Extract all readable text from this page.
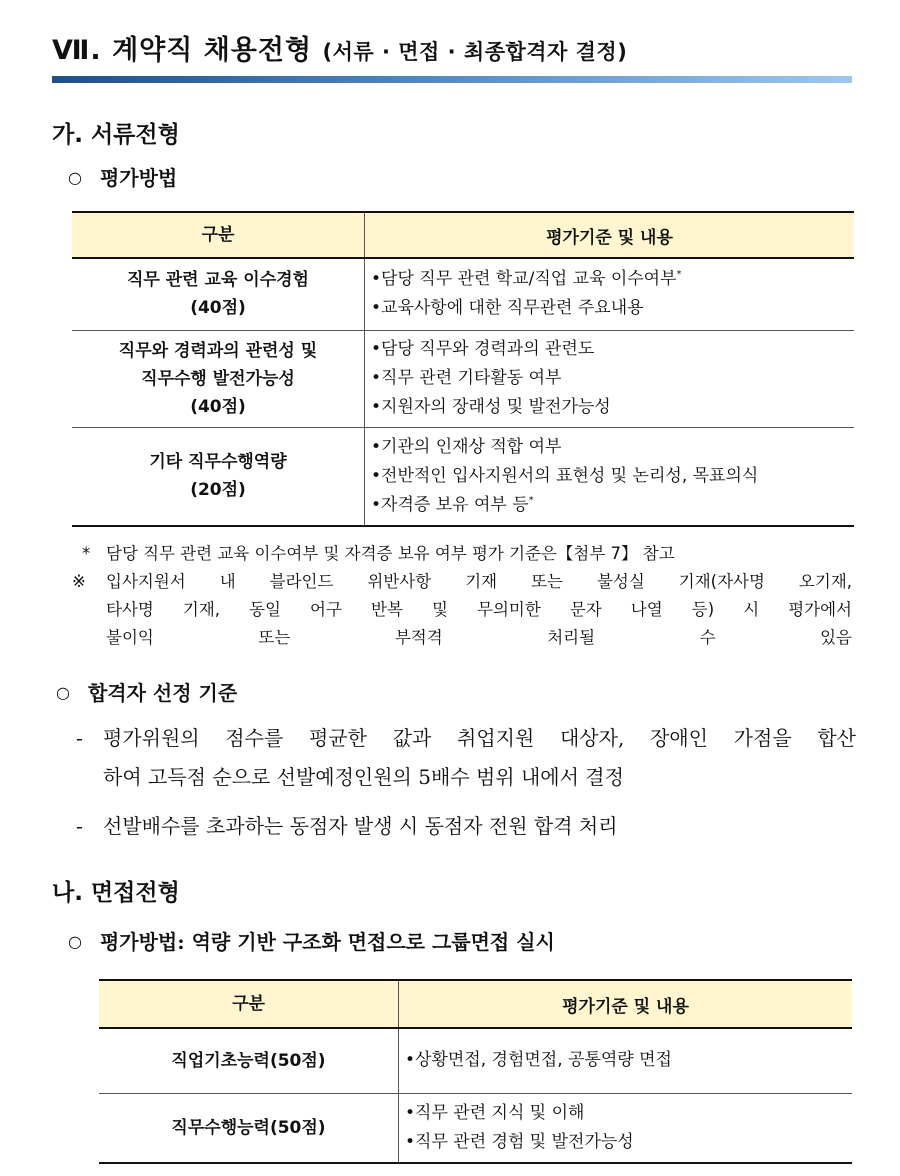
Ⅶ. 계약직 채용전형 (서류 · 면접 · 최종합격자 결정)
가. 서류전형
○ 평가방법
구분	평가기준 및 내용

직무 관련 교육 이수경험
(40점)	•담당 직무 관련 학교/직업 교육 이수여부*
•교육사항에 대한 직무관련 주요내용

직무와 경력과의 관련성 및
직무수행 발전가능성
(40점)	•담당 직무와 경력과의 관련도
•직무 관련 기타활동 여부
•지원자의 장래성 및 발전가능성

기타 직무수행역량
(20점)	•기관의 인재상 적합 여부
•전반적인 입사지원서의 표현성 및 논리성, 목표의식
•자격증 보유 여부 등*
* 담당 직무 관련 교육 이수여부 및 자격증 보유 여부 평가 기준은【첨부 7】 참고
※	입사지원서 내 블라인드 위반사항 기재 또는 불성실 기재(자사명 오기재,
타사명 기재, 동일 어구 반복 및 무의미한 문자 나열 등) 시 평가에서
불이익 또는 부적격 처리될 수 있음
○ 합격자 선정 기준
-	평가위원의 점수를 평균한 값과 취업지원 대상자, 장애인 가점을 합산
하여 고득점 순으로 선발예정인원의 5배수 범위 내에서 결정
-	선발배수를 초과하는 동점자 발생 시 동점자 전원 합격 처리
나. 면접전형
○ 평가방법: 역량 기반 구조화 면접으로 그룹면접 실시
구분	평가기준 및 내용

직업기초능력(50점)	•상황면접, 경험면접, 공통역량 면접

직무수행능력(50점)	•직무 관련 지식 및 이해
•직무 관련 경험 및 발전가능성
